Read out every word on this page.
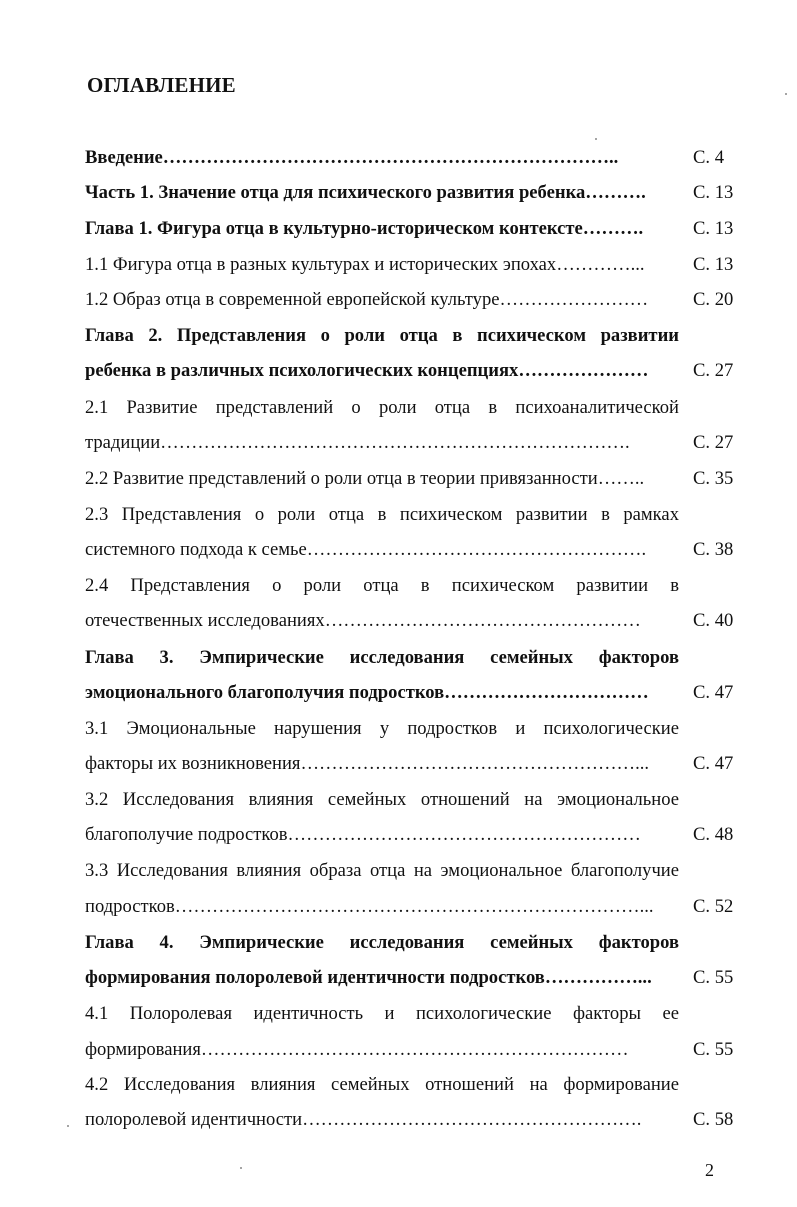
ОГЛАВЛЕНИЕ
Введение………………………………………………………………..	С. 4
Часть 1. Значение отца для психического развития ребенка……….	С. 13
Глава 1. Фигура отца в культурно-историческом контексте……….	С. 13
1.1 Фигура отца в разных культурах и исторических эпохах…………...	С. 13
1.2 Образ отца в современной европейской культуре……………………	С. 20
Глава 2. Представления о роли отца в психическом развитии
ребенка в различных психологических концепциях…………………	С. 27
2.1 Развитие представлений о роли отца в психоаналитической
традиции………………………………………………………………….	С. 27
2.2 Развитие представлений о роли отца в теории привязанности……..	С. 35
2.3 Представления о роли отца в психическом развитии в рамках
системного подхода к семье……………………………………………….	С. 38
2.4 Представления о роли отца в психическом развитии в
отечественных исследованиях……………………………………………	С. 40
Глава 3. Эмпирические исследования семейных факторов
эмоционального благополучия подростков……………………………	С. 47
3.1 Эмоциональные нарушения у подростков и психологические
факторы их возникновения………………………………………………...	С. 47
3.2 Исследования влияния семейных отношений на эмоциональное
благополучие подростков…………………………………………………	С. 48
3.3 Исследования влияния образа отца на эмоциональное благополучие
подростков…………………………………………………………………...	С. 52
Глава 4. Эмпирические исследования семейных факторов
формирования полоролевой идентичности подростков……………...	С. 55
4.1 Полоролевая идентичность и психологические факторы ее
формирования……………………………………………………………	С. 55
4.2 Исследования влияния семейных отношений на формирование
полоролевой идентичности……………………………………………….	С. 58
2
